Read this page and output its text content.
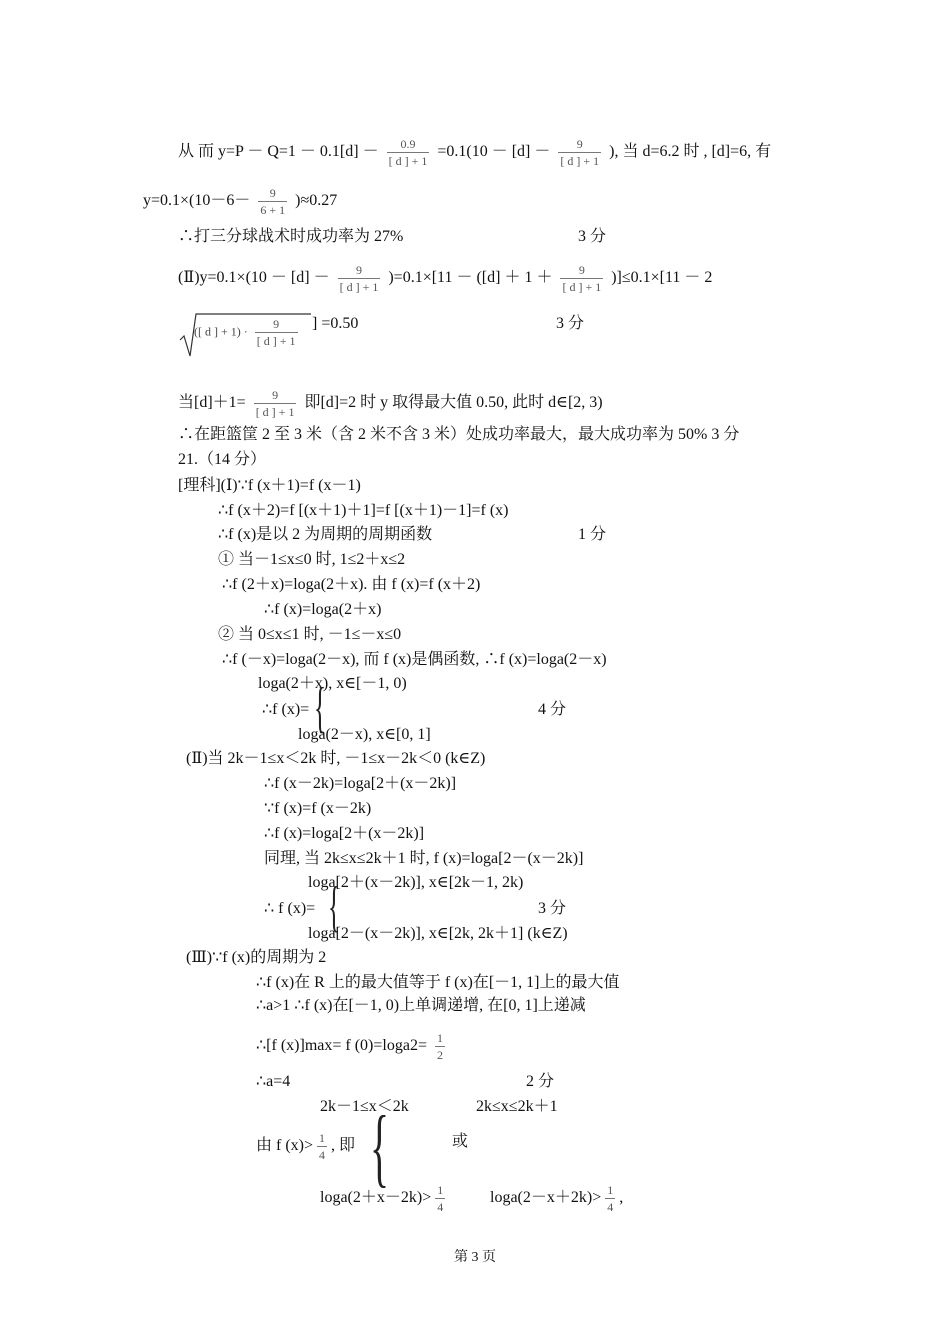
从 而 $y=P - Q=1 - 0.1[d] - \frac{0.9}{[ d ] + 1} =0.1(10 - [d] - \frac{9}{[ d ] + 1}$ ), 当 d=6.2 时 , [d]=6, 有
$y=0.1\times(10-6- \frac{9}{6 + 1} )\approx 0.27$
∴打三分球战术时成功率为 27%	3 分
(Ⅱ)y=0.1×(10 － $[d] - \frac{9}{[ d ] + 1} )=0.1\times[11 - ([d] + 1 + \frac{9}{[ d ] + 1} )]\le 0.1\times[11 - 2$
([ d ] + $1) \cdot \frac{9}{[ d ] + 1}$ ] =0.50	3 分
当$[d]+1= \frac{9}{[ d ] + 1}$ 即[d]=2 时 y 取得最大值 0.50, 此时 d∈[2, 3)
∴在距篮筐 2 至 3 米（含 2 米不含 3 米）处成功率最大，最大成功率为 50% 3 分
21.（14 分）
[理科](Ⅰ)∵f (x＋1)=f (x－1)
∴f (x＋2)=f [(x＋1)＋1]=f [(x＋1)－1]=f (x)
∴f (x)是以 2 为周期的周期函数	1 分
① 当－1≤x≤0 时, 1≤2＋x≤2
∴f (2＋x)=loga(2＋x). 由 f (x)=f (x＋2)
∴f (x)=loga(2＋x)
② 当 0≤x≤1 时, －1≤－x≤0
∴f (－x)=loga(2－x), 而 f (x)是偶函数, ∴f (x)=loga(2－x)
loga(2＋x), x∈[－1, 0)
∴f (x)= {	4 分
loga(2－x), x∈[0, 1]
(Ⅱ)当 2k－1≤x＜2k 时, －1≤x－2k＜0 (k∈Z)
∴f (x－2k)=loga[2＋(x－2k)]
∵f (x)=f (x－2k)
∴f (x)=loga[2＋(x－2k)]
同理, 当 2k≤x≤2k＋1 时, f (x)=loga[2－(x－2k)]
loga[2＋(x－2k)], x∈[2k－1, 2k)
∴ f (x)= {	3 分
loga[2－(x－2k)], x∈[2k, 2k＋1] (k∈Z)
(Ⅲ)∵f (x)的周期为 2
∴f (x)在 R 上的最大值等于 f (x)在[－1, 1]上的最大值
∴a>1 ∴f (x)在[－1, 0)上单调递增, 在[0, 1]上递减
∴[f (x)]max= f $(0)=\log a2= \frac{1}{2}$
∴a=4	2 分
2k－1≤x＜2k	2k≤x≤2k＋1
由 f $(x)> \frac{1}{4}$ , 即 {	或
$\log a(2+x-2k)> \frac{1}{4}$	$\log a(2-x+2k)> \frac{1}{4}$ ,
第 3 页
